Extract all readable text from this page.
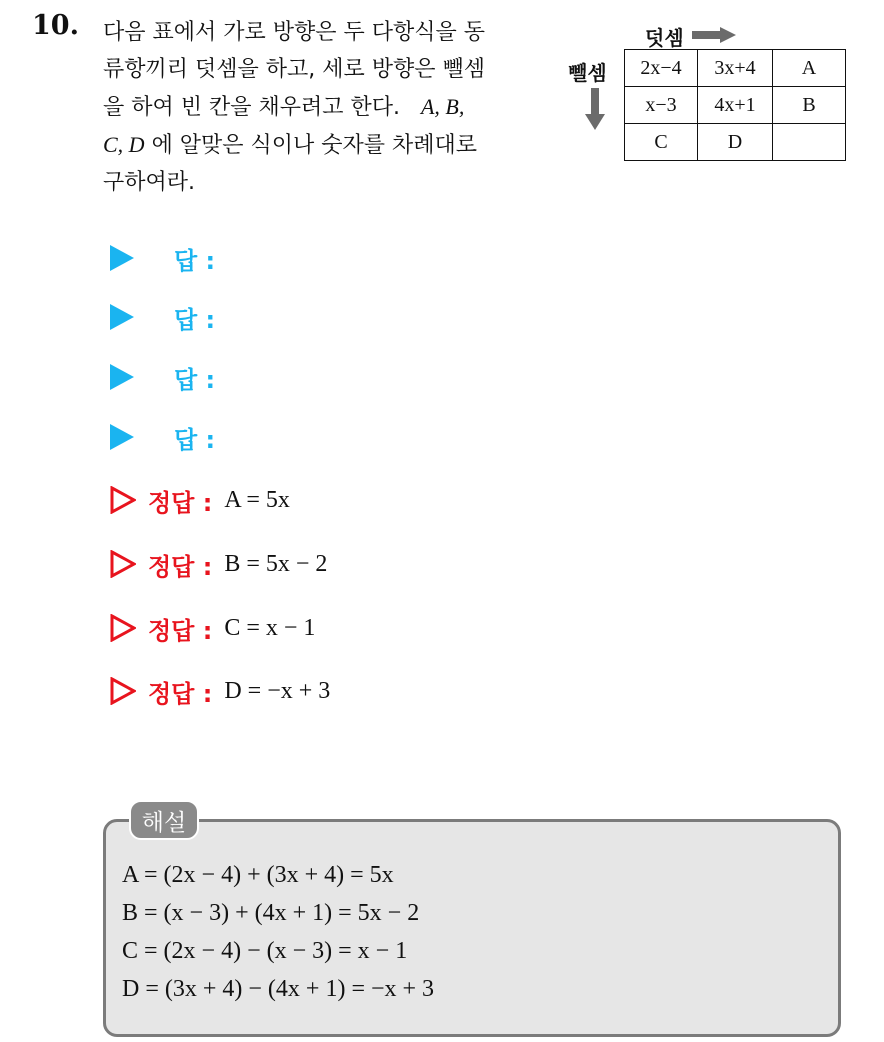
10. 다음 표에서 가로 방향은 두 다항식을 동
류항끼리 덧셈을 하고, 세로 방향은 뺄셈
을 하여 빈 칸을 채우려고 한다. A, B,
C, D 에 알맞은 식이나 숫자를 차례대로
구하여라.
덧셈
뺄셈 2x−4	3x+4	A
x−3	4x+1	B
C	D	
답 :
답 :
답 :
답 :
정답 : A = 5x
정답 : B = 5x − 2
정답 : C = x − 1
정답 : D = −x + 3
해설
A = (2x − 4) + (3x + 4) = 5x
B = (x − 3) + (4x + 1) = 5x − 2
C = (2x − 4) − (x − 3) = x − 1
D = (3x + 4) − (4x + 1) = −x + 3
